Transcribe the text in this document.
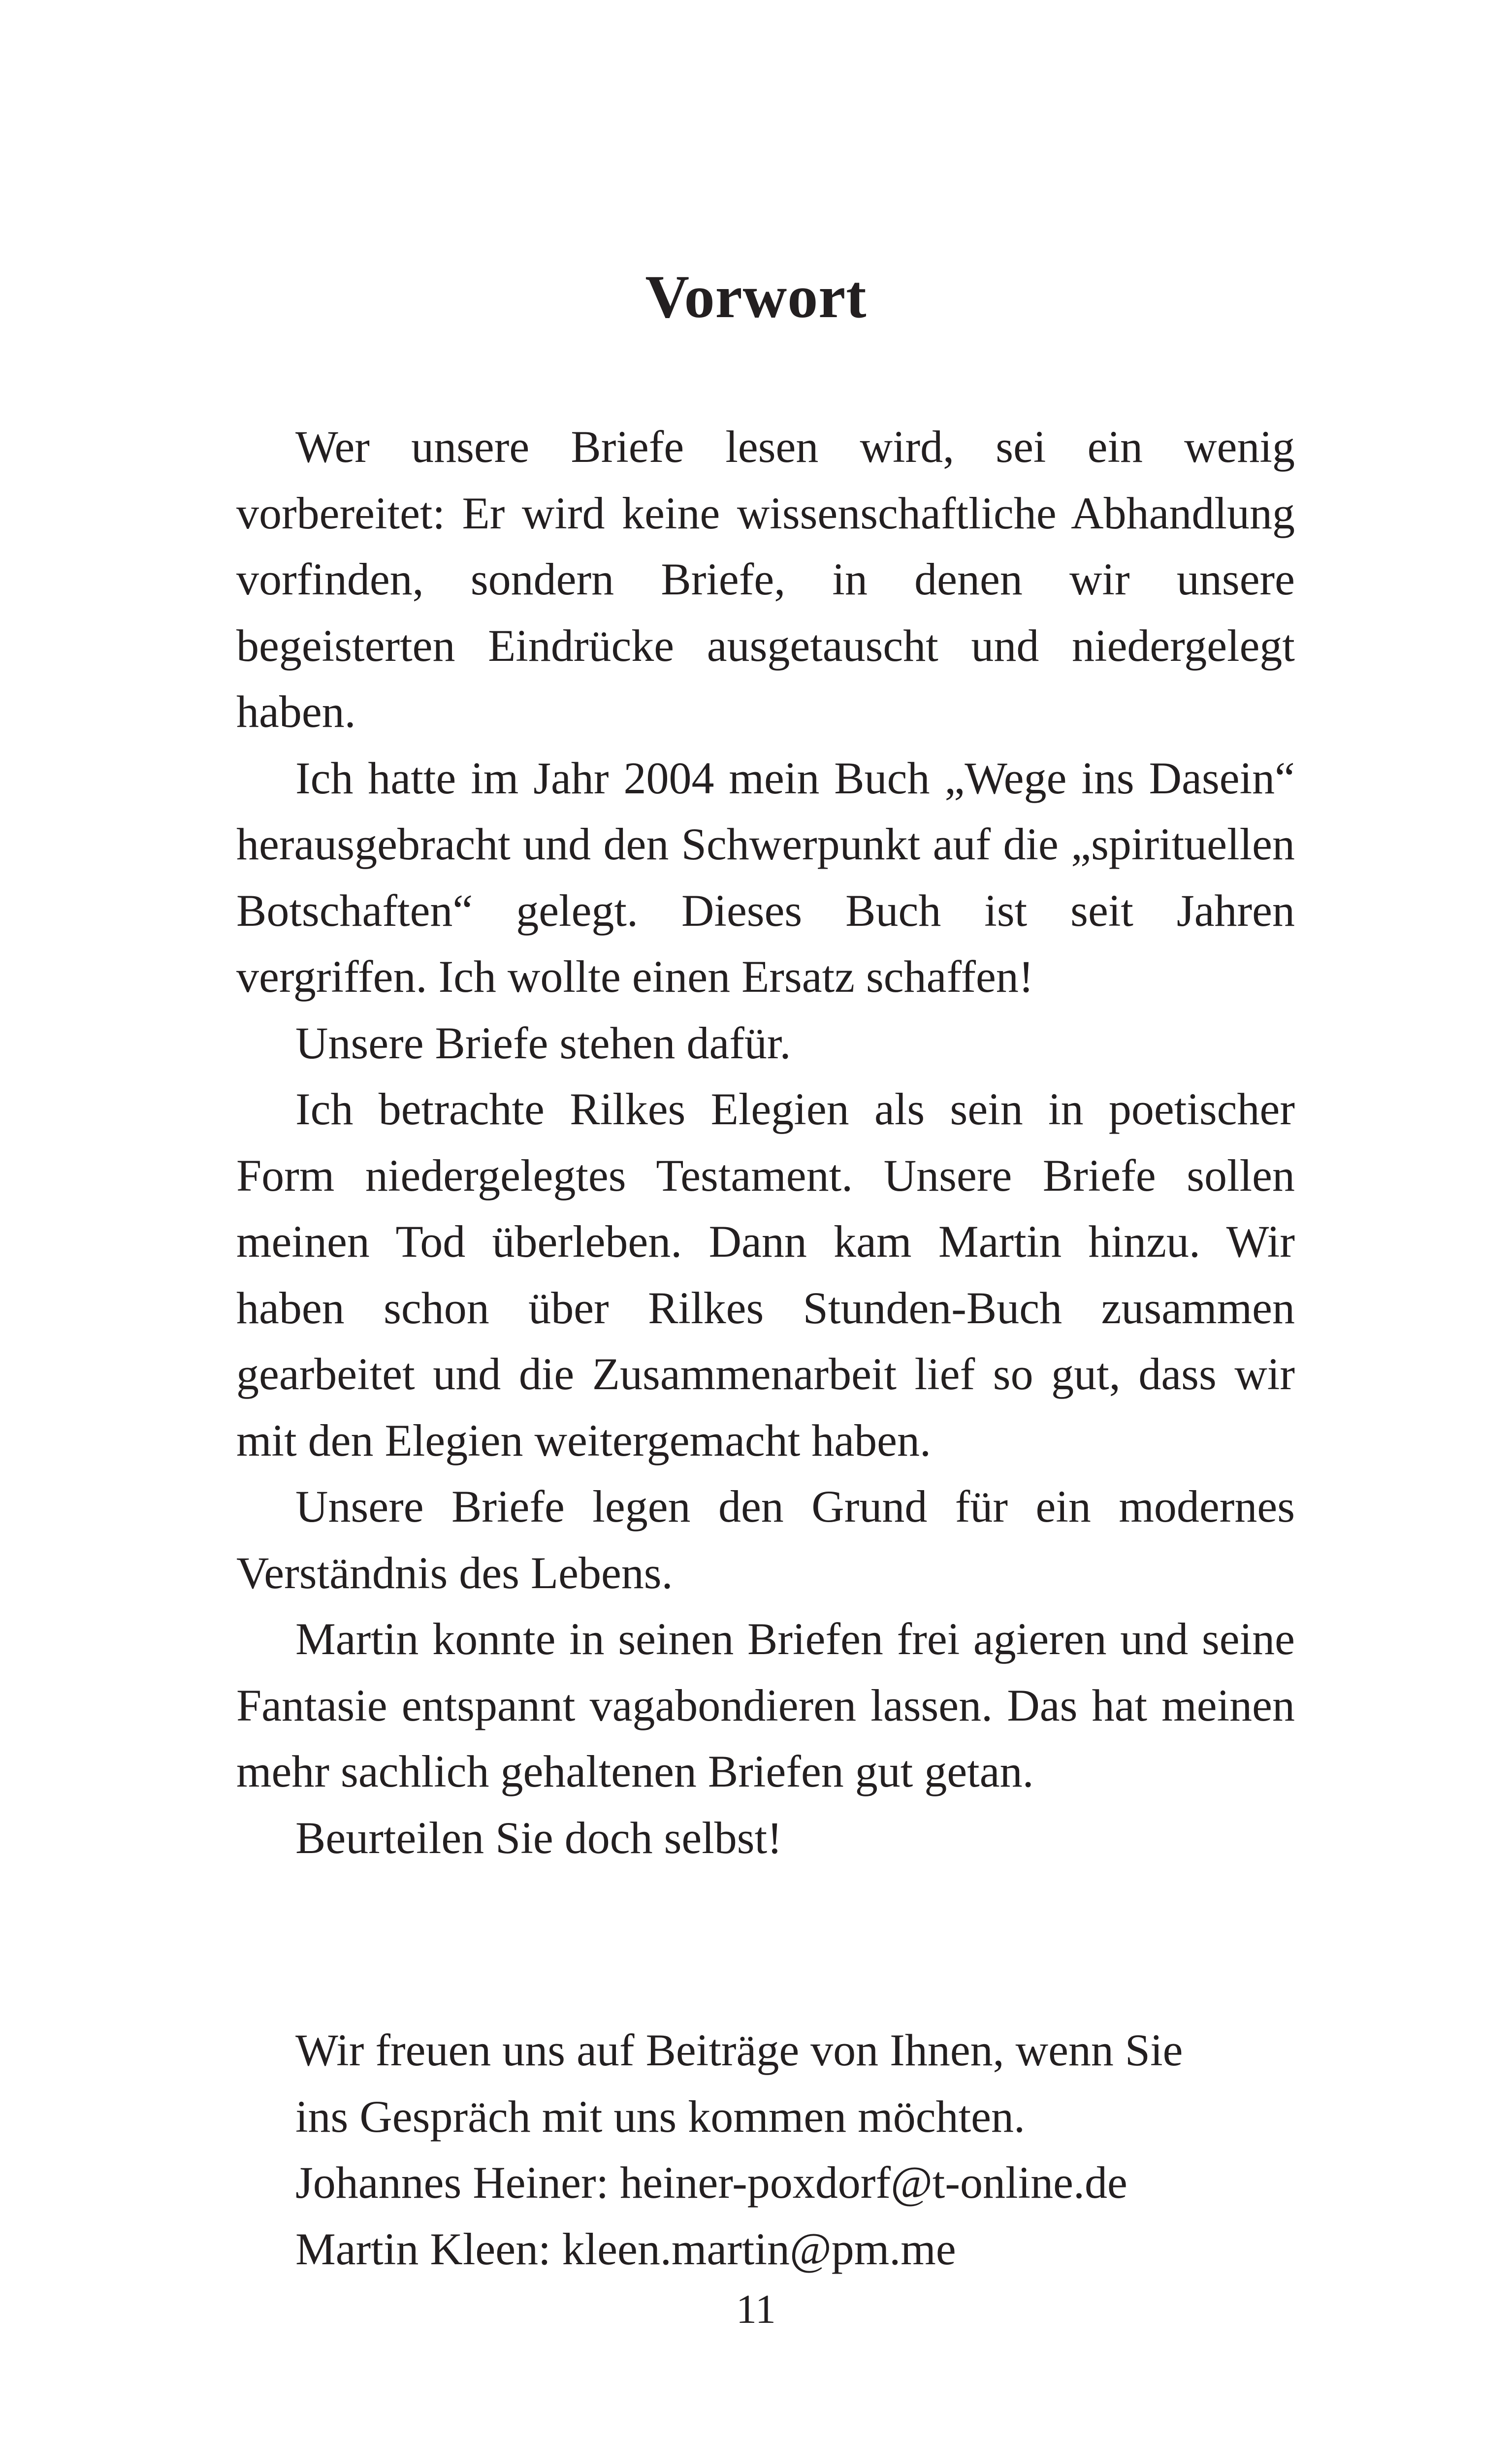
Vorwort

Wer unsere Briefe lesen wird, sei ein wenig vorbereitet: Er wird keine wissenschaftliche Abhandlung vorfinden, sondern Briefe, in denen wir unsere begeisterten Eindrücke ausgetauscht und niedergelegt haben.

Ich hatte im Jahr 2004 mein Buch „Wege ins Dasein“ herausgebracht und den Schwerpunkt auf die „spirituellen Botschaften“ gelegt. Dieses Buch ist seit Jahren vergriffen. Ich wollte einen Ersatz schaffen!

Unsere Briefe stehen dafür.

Ich betrachte Rilkes Elegien als sein in poetischer Form niedergelegtes Testament. Unsere Briefe sollen meinen Tod überleben. Dann kam Martin hinzu. Wir haben schon über Rilkes Stunden-Buch zusammen gearbeitet und die Zusammenarbeit lief so gut, dass wir mit den Elegien weitergemacht haben.

Unsere Briefe legen den Grund für ein modernes Verständnis des Lebens.

Martin konnte in seinen Briefen frei agieren und seine Fantasie entspannt vagabondieren lassen. Das hat meinen mehr sachlich gehaltenen Briefen gut getan.

Beurteilen Sie doch selbst!

Wir freuen uns auf Beiträge von Ihnen, wenn Sie
ins Gespräch mit uns kommen möchten.
Johannes Heiner: heiner-poxdorf@t-online.de
Martin Kleen: kleen.martin@pm.me
11
